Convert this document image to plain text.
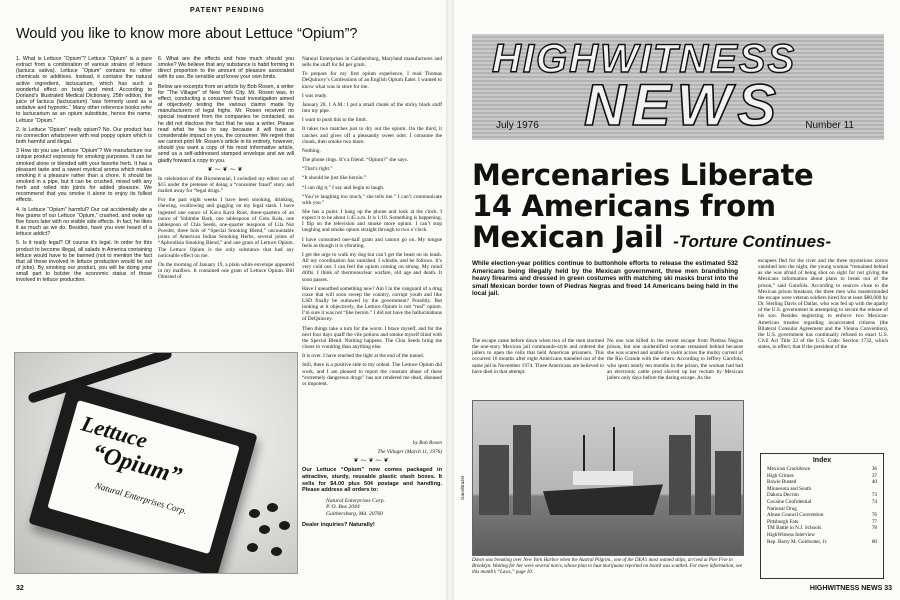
PATENT PENDING
Would you like to know more about Lettuce “Opium”?

1. What is Lettuce “Opium”? Lettuce “Opium” is a pure extract from a combination of various strains of lettuce (lactuca sativa). Lettuce “Opium” contains no other chemicals or additives. Instead, it contains the natural active ingredient, lactucarium, which has such a wonderful effect on body and mind. According to Dorland’s Illustrated Medical Dictionary, 25th edition, the juice of lactuca (lactucarium) “was formerly used as a sedative and hypnotic.” Many other reference books refer to lactucarium as an opium substitute, hence the name, Lettuce “Opium.”

2. Is Lettuce “Opium” really opium? No. Our product has no connection whatsoever with real poppy opium which is both harmful and illegal.

3 How do you use Lettuce “Opium”? We manufacture our unique product expressly for smoking purposes. It can be smoked alone or blended with your favorite herb. It has a pleasant taste and a sweet mystical aroma which makes smoking it a pleasure rather than a chore. It should be smoked in a pipe, but it can be crushed, mixed with any herb and rolled into joints for added pleasure. We recommend that you smoke it alone to enjoy its fullest effects.

4. Is Lettuce “Opium” harmful? Our cat accidentally ate a few grams of our Lettuce “Opium,” crashed, and woke up five hours later with no visible side effects. In fact, he likes it as much as we do. Besides, have you ever heard of a lettuce addict?

5. Is it really legal? Of course it’s legal. In order for this product to become illegal, all salads in America containing lettuce would have to be banned (not to mention the fact that all those involved in lettuce production would be out of jobs). By smoking our product, you will be doing your small part to bolster the economic status of those involved in lettuce production.

6. What are the effects and how much should you smoke? We believe that any substance is habit forming in direct proportion to the amount of pleasure associated with its use. Be sensible and know your own limits.

Below are excerpts from an article by Bob Rosen, a writer for “The Villager” of New York City. Mr. Rosen was, in effect, conducting a consumer fraud investigation aimed at objectively testing the various claims made by manufacturers of legal highs. Mr. Rosen received no special treatment from the companies he contacted, as he did not disclose the fact that he was a writer. Please read what he has to say because it will have a considerable impact on you, the consumer. We regret that we cannot print Mr. Rosen’s article in its entirety, however, should you want a copy of his most informative article, send us a self-addressed stamped envelope and we will gladly forward a copy to you.

❦⁓❦⁓❦

In celebration of the Bicentennial, I swindled my editor out of $15 under the pretense of doing a “consumer fraud” story and mailed away for “legal drugs.”

For the past eight weeks I have been smoking, drinking, chewing, swallowing and gagging on my legal stash. I have ingested one ounce of Kava Kava Root, three-quarters of an ounce of Yohimbe Bark, one tablespoon of Gotu Kola, one tablespoon of Chia Seeds, one-quarter teaspoon of Lila Nut Powder, three bols of “Special Smoking Blend,” uncountable joints of American Indian Smoking Herbs, several joints of “Aphrodisia Smoking Blend,” and one gram of Lettuce Opium. The Lettuce Opium is the only substance that had any noticeable effect on me.

On the morning of January 19, a plain white envelope appeared in my mailbox. It contained one gram of Lettuce Opium. Bill Olmsted of

Natural Enterprises in Gaithersburg, Maryland manufactures and sells the stuff for $4 per gram.

To prepare for my first opium experience, I read Thomas DeQuincey’s Confessions of an English Opium Eater. I wanted to know what was in store for me.

I was ready.

January 20, 1 A.M.: I put a small chunk of the sticky black stuff into my pipe.

I want to push this to the limit.

It takes two matches just to dry out the opium. On the third, it catches and gives off a pleasantly sweet odor. I consume the chunk, then smoke two more.

Nothing.

The phone rings. It’s a friend. “Opium?” she says.

“That’s right.”

“It should be just like heroin.”

“I can dig it,” I say and begin to laugh.

“You’re laughing too much,” she tells me.” I can’t communicate with you.”

She has a point. I hang up the phone and look at the clock. I expect it to be about 1:45 a.m. It is 1:10. Something is happening. I flip on the television and smoke more opium. I can’t stop laughing and smoke opium straight through to two o’clock.

I have consumed one-half gram and cannot go on. My tongue feels as though it is vibrating.

I get the urge to walk my dog but can’t get the beast on its leash. All my coordination has vanished. I whistle, and he follows. It’s very cold out. I can feel the opium coming on strong. My mind drifts. I think of thermonuclear warfare, old age and death. It soon passes.

Have I unearthed something new? Am I in the vanguard of a drug craze that will soon sweep the country, corrupt youth and like LSD finally be outlawed by the government? Possibly. But looking at it objectively, the Lettuce Opium is not “real” opium. I’m sure it was not “like heroin.” I did not have the hallucinations of DeQuincey.

Then things take a turn for the worst. I brace myself, and for the next four days quaff the vile potions and smoke myself blind with the Special Blend. Nothing happens. The Chia Seeds bring me closer to vomiting than anything else.

It is over. I have reached the light at the end of the tunnel.

Still, there is a positive side to my ordeal. The Lettuce Opium did work, and I am pleased to report the constant abuse of these “extremely dangerous drugs” has not rendered me dead, diseased or impotent.

by Bob Rosen

The Villager (March 11, 1976)

❦⁓❦⁓❦

Our Lettuce “Opium” now comes packaged in attractive, sturdy, reusable plastic stash boxes. It sells for $4.00 plus 50¢ postage and handling. Please address all orders to:

Natural Enterprises Corp.
P. O. Box 2044
Gaithersburg, Md. 20760

Dealer inquiries? Naturally!

Lettuce
“Opium”
Natural Enterprises Corp.
32
HIGHWITNESS
NEWS
July 1976	Number 11
Mercenaries Liberate
14 Americans from
Mexican Jail -Torture Continues-
While election-year politics continue to buttonhole efforts to release the estimated 532 Americans being illegally held by the Mexican government, three men brandishing heavy firearms and dressed in green costumes with matching ski masks burst into the small Mexican border town of Piedras Negras and freed 14 Americans being held in the local jail.

The escape came before dawn when two of the men stormed the one-story Mexican jail commando-style and ordered the jailers to open the cells that held American prisoners. This occurred 16 months after eight Americans tunneled out of the same jail in November 1974. Three Americans are believed to have died in that attempt.

No one was killed in the recent escape from Piedras Negras prison, but one unidentified woman remained behind because she was scared and unable to swim across the murky current of the Rio Grande with the others. According to Jeffrey Garofola, who spent nearly ten months in the prison, the woman had had an electronic cattle prod shoved up her rectum by Mexican jailers only days before the daring escape. As the

escapees fled for the river and the three mysterious zorros vanished into the night, the young woman “remained behind as she was afraid of being shot on sight for not giving the Mexicans information about plans to break out of the prison,” said Garofola. According to sources close to the Mexican prison breakout, the three men who masterminded the escape were veteran soldiers hired for at least $80,000 by Dr. Sterling Davis of Dallas, who was fed up with the apathy of the U.S. government in attempting to secure the release of his son. Besides neglecting to enforce two Mexican-American treaties regarding incarcerated citizens (the Bilateral Consular Agreement and the Vienna Convention), the U.S. government has continually refused to enact U.S. Civil Act Title 22 of the U.S. Code: Section 1732, which states, in effect, that if the president of the

Garo/Brazel
Dawn was breaking over New York Harbor when the Austral Pilgrim., one of the DEA’s most wanted ships, arrived at Pier Five in Brooklyn. Waiting for her were several narcs, whose plan to bust marijuana reported on board was scuttled. For more information, see this month’s “Laws,” page 10.
Index
Mexican Crackdown	36
High Crimes	37
Bowie Busted	40
Minnesota and South
Dakota Decrim	73
Cocaine Confidential	74
National Drug
Abuse Council Convention	76
Pittsburgh Fats	77
TM Battle in N.J. Schools	78
HighWitness Interview
Rep. Barry M. Goldwater, Jr.	80
HIGHWITNESS NEWS 33
